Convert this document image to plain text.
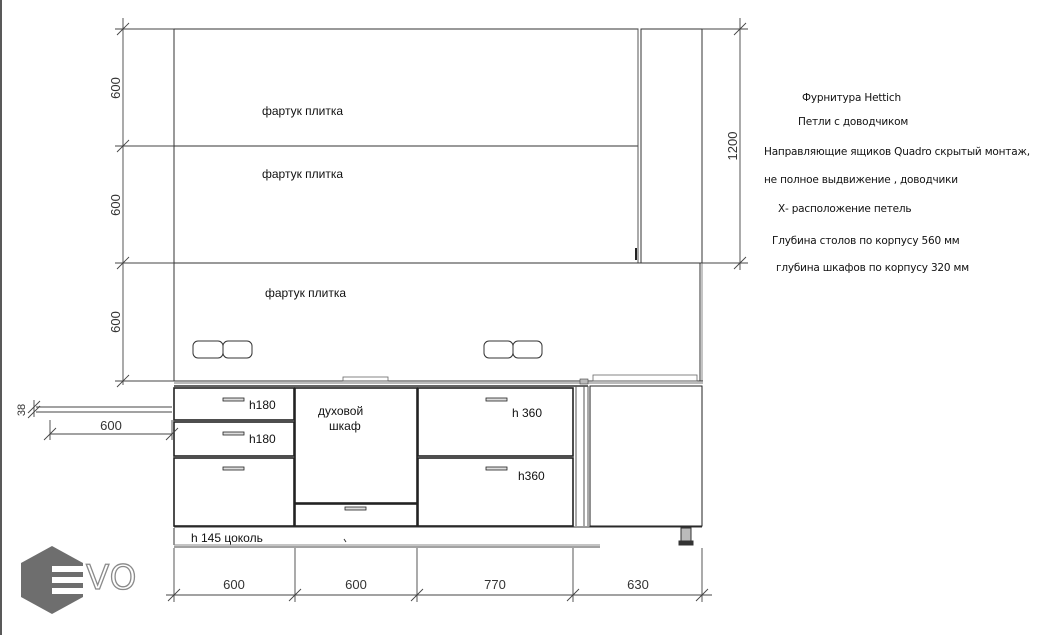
600
600
600
1200
38
600
600	600	770	630
фартук плитка
фартук плитка
фартук плитка
h180
h180
духовой
шкаф
h 360
h360
h 145 цоколь
VO
Фурнитура Hettich
Петли с доводчиком
Направляющие ящиков Quadro скрытый монтаж,
не полное выдвижение , доводчики
Х- расположение петель
Глубина столов по корпусу 560 мм
глубина шкафов по корпусу 320 мм
